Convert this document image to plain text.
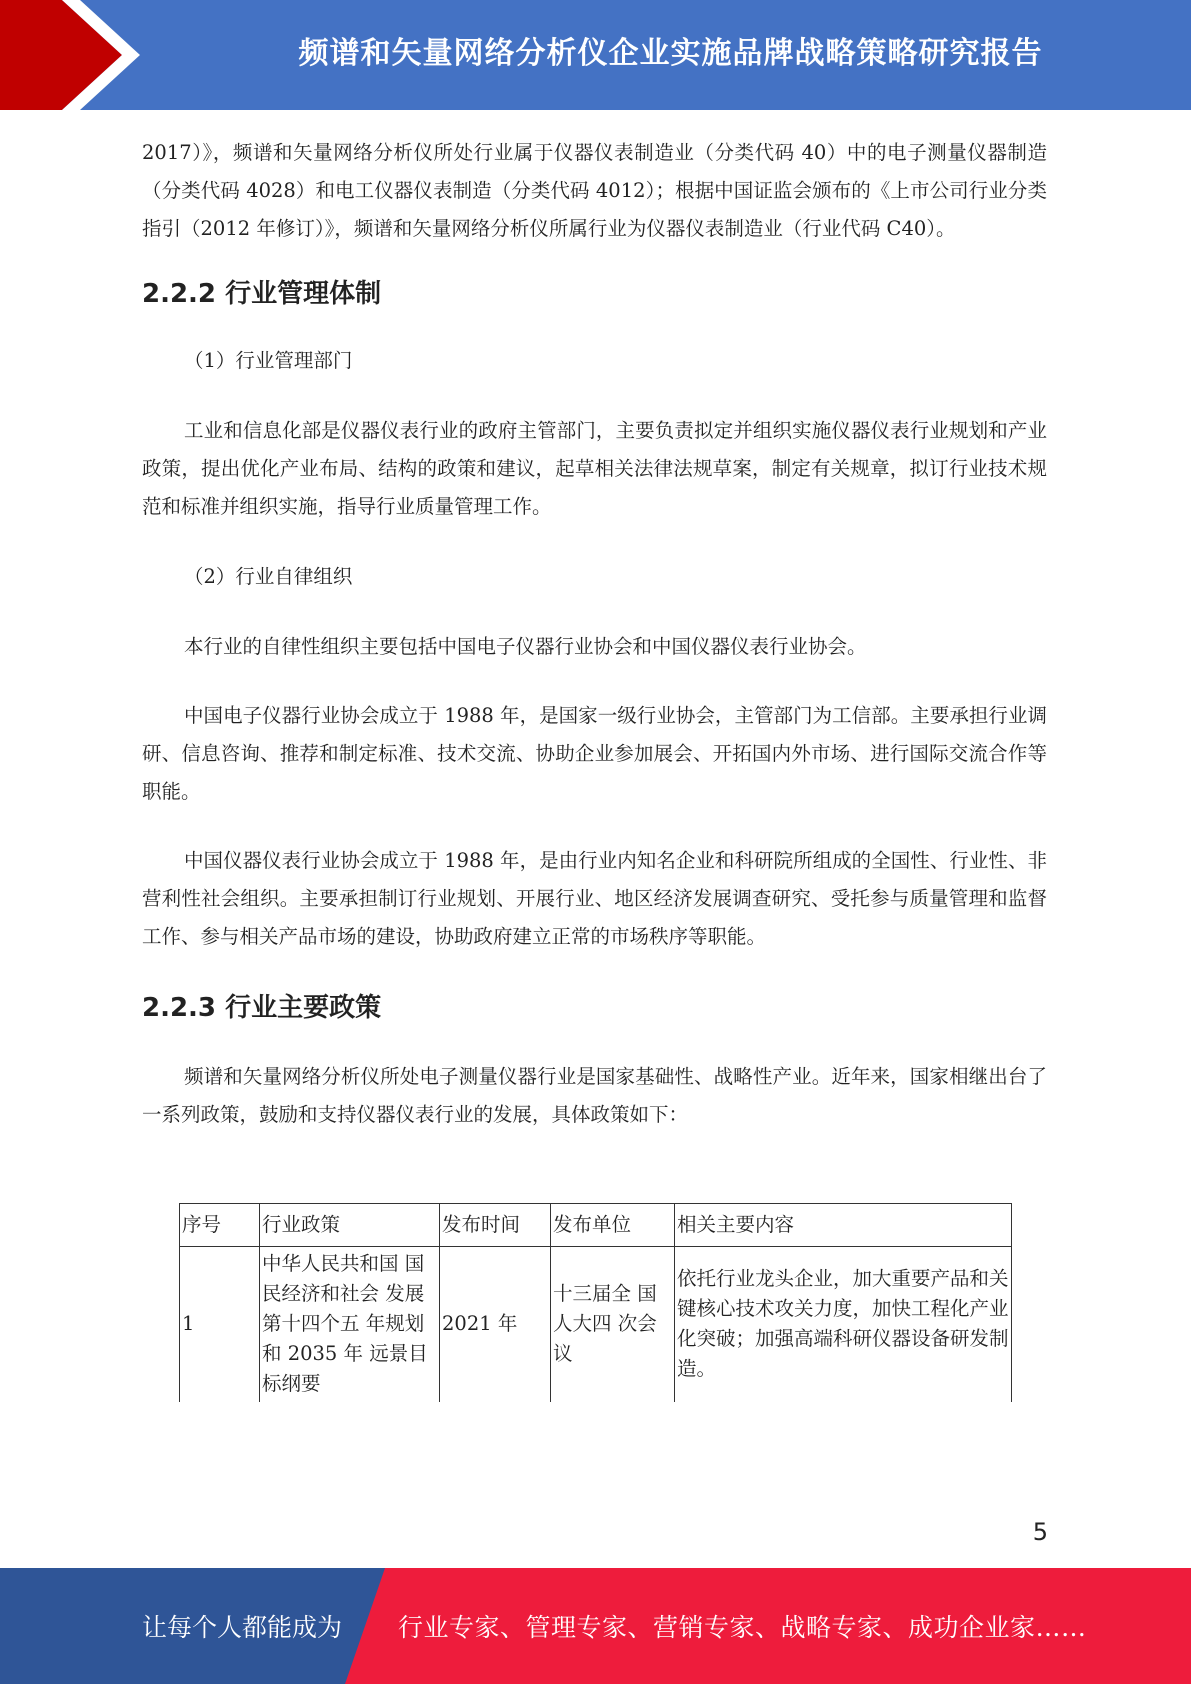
频谱和矢量网络分析仪企业实施品牌战略策略研究报告

2017）》，频谱和矢量网络分析仪所处行业属于仪器仪表制造业（分类代码 40）中的电子测量仪器制造（分类代码 4028）和电工仪器仪表制造（分类代码 4012）；根据中国证监会颁布的《上市公司行业分类指引（2012 年修订）》，频谱和矢量网络分析仪所属行业为仪器仪表制造业（行业代码 C40）。

2.2.2 行业管理体制

（1）行业管理部门

工业和信息化部是仪器仪表行业的政府主管部门，主要负责拟定并组织实施仪器仪表行业规划和产业政策，提出优化产业布局、结构的政策和建议，起草相关法律法规草案，制定有关规章，拟订行业技术规范和标准并组织实施，指导行业质量管理工作。

（2）行业自律组织

本行业的自律性组织主要包括中国电子仪器行业协会和中国仪器仪表行业协会。

中国电子仪器行业协会成立于 1988 年，是国家一级行业协会，主管部门为工信部。主要承担行业调研、信息咨询、推荐和制定标准、技术交流、协助企业参加展会、开拓国内外市场、进行国际交流合作等职能。

中国仪器仪表行业协会成立于 1988 年，是由行业内知名企业和科研院所组成的全国性、行业性、非营利性社会组织。主要承担制订行业规划、开展行业、地区经济发展调查研究、受托参与质量管理和监督工作、参与相关产品市场的建设，协助政府建立正常的市场秩序等职能。

2.2.3 行业主要政策

频谱和矢量网络分析仪所处电子测量仪器行业是国家基础性、战略性产业。近年来，国家相继出台了一系列政策，鼓励和支持仪器仪表行业的发展，具体政策如下：

序号	行业政策	发布时间	发布单位	相关主要内容
1	中华人民共和国 国民经济和社会 发展第十四个五 年规划和 2035 年 远景目标纲要	2021 年	十三届全 国人大四 次会议	依托行业龙头企业，加大重要产品和关键核心技术攻关力度，加快工程化产业化突破；加强高端科研仪器设备研发制造。
5
让每个人都能成为 行业专家、管理专家、营销专家、战略专家、成功企业家……
